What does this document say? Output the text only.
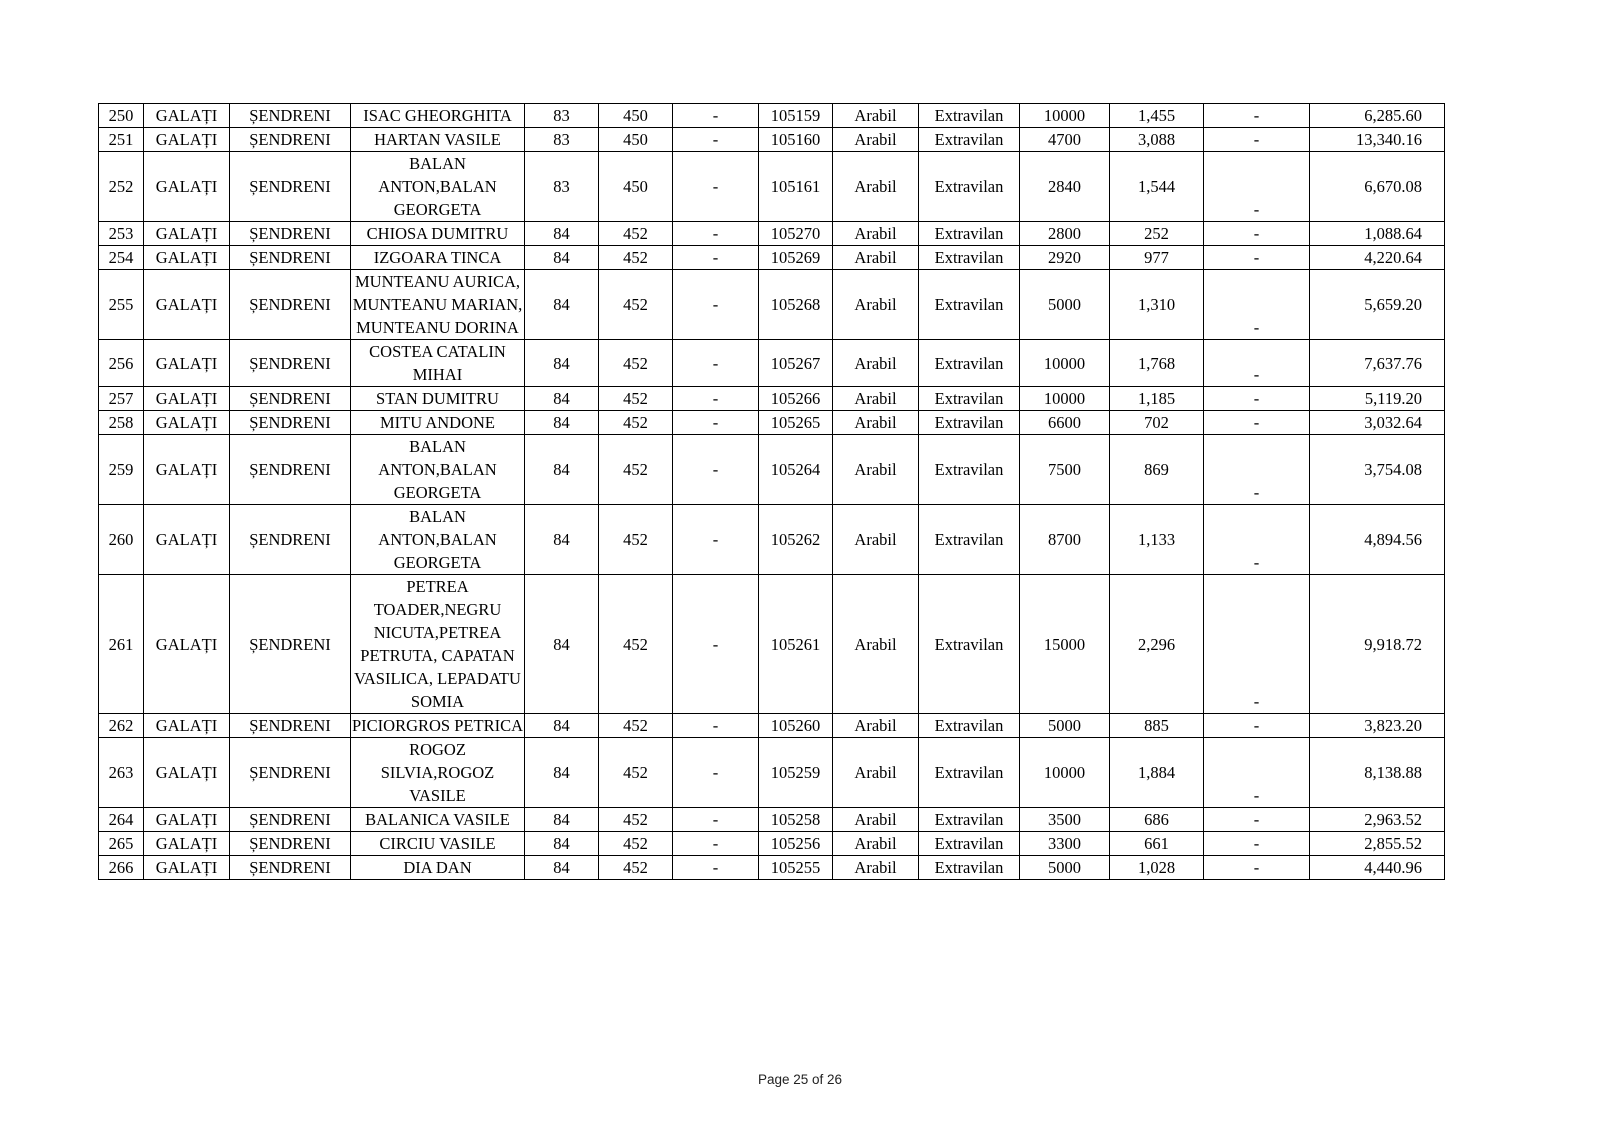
250	GALAȚI	ȘENDRENI	ISAC GHEORGHITA	83	450	-	105159	Arabil	Extravilan	10000	1,455	-	6,285.60
251	GALAȚI	ȘENDRENI	HARTAN VASILE	83	450	-	105160	Arabil	Extravilan	4700	3,088	-	13,340.16
252	GALAȚI	ȘENDRENI	BALAN ANTON,BALAN GEORGETA	83	450	-	105161	Arabil	Extravilan	2840	1,544	-	6,670.08
253	GALAȚI	ȘENDRENI	CHIOSA DUMITRU	84	452	-	105270	Arabil	Extravilan	2800	252	-	1,088.64
254	GALAȚI	ȘENDRENI	IZGOARA TINCA	84	452	-	105269	Arabil	Extravilan	2920	977	-	4,220.64
255	GALAȚI	ȘENDRENI	MUNTEANU AURICA, MUNTEANU MARIAN, MUNTEANU DORINA	84	452	-	105268	Arabil	Extravilan	5000	1,310	-	5,659.20
256	GALAȚI	ȘENDRENI	COSTEA CATALIN MIHAI	84	452	-	105267	Arabil	Extravilan	10000	1,768	-	7,637.76
257	GALAȚI	ȘENDRENI	STAN DUMITRU	84	452	-	105266	Arabil	Extravilan	10000	1,185	-	5,119.20
258	GALAȚI	ȘENDRENI	MITU ANDONE	84	452	-	105265	Arabil	Extravilan	6600	702	-	3,032.64
259	GALAȚI	ȘENDRENI	BALAN ANTON,BALAN GEORGETA	84	452	-	105264	Arabil	Extravilan	7500	869	-	3,754.08
260	GALAȚI	ȘENDRENI	BALAN ANTON,BALAN GEORGETA	84	452	-	105262	Arabil	Extravilan	8700	1,133	-	4,894.56
261	GALAȚI	ȘENDRENI	PETREA TOADER,NEGRU NICUTA,PETREA PETRUTA, CAPATAN VASILICA, LEPADATU SOMIA	84	452	-	105261	Arabil	Extravilan	15000	2,296	-	9,918.72
262	GALAȚI	ȘENDRENI	PICIORGROS PETRICA	84	452	-	105260	Arabil	Extravilan	5000	885	-	3,823.20
263	GALAȚI	ȘENDRENI	ROGOZ SILVIA,ROGOZ VASILE	84	452	-	105259	Arabil	Extravilan	10000	1,884	-	8,138.88
264	GALAȚI	ȘENDRENI	BALANICA VASILE	84	452	-	105258	Arabil	Extravilan	3500	686	-	2,963.52
265	GALAȚI	ȘENDRENI	CIRCIU VASILE	84	452	-	105256	Arabil	Extravilan	3300	661	-	2,855.52
266	GALAȚI	ȘENDRENI	DIA DAN	84	452	-	105255	Arabil	Extravilan	5000	1,028	-	4,440.96
Page 25 of 26
